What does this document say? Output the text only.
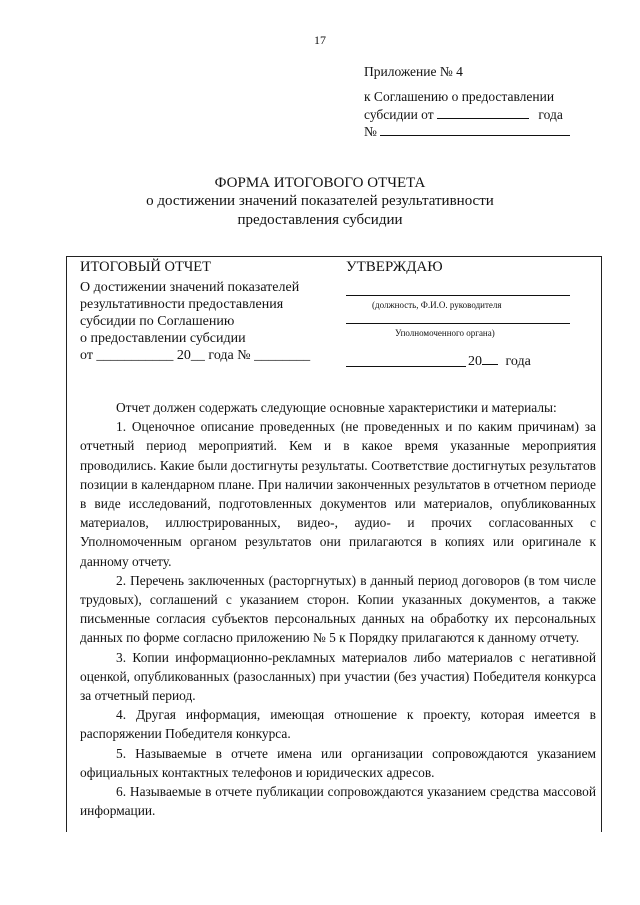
17
Приложение № 4
к Соглашению о предоставлении
субсидии от	года
№
ФОРМА ИТОГОВОГО ОТЧЕТА
о достижении значений показателей результативности
предоставления субсидии
ИТОГОВЫЙ ОТЧЕТ
О достижении значений показателей
результативности предоставления
субсидии по Соглашению
о предоставлении субсидии
от ___________ 20__ года № ________
УТВЕРЖДАЮ
(должность, Ф.И.О. руководителя
Уполномоченного органа)
20 года

Отчет должен содержать следующие основные характеристики и материалы:

1. Оценочное описание проведенных (не проведенных и по каким причинам) за отчетный период мероприятий. Кем и в какое время указанные мероприятия проводились. Какие были достигнуты результаты. Соответствие достигнутых результатов позиции в календарном плане. При наличии законченных результатов в отчетном периоде в виде исследований, подготовленных документов или материалов, опубликованных материалов, иллюстрированных, видео-, аудио- и прочих согласованных с Уполномоченным органом результатов они прилагаются в копиях или оригинале к данному отчету.

2. Перечень заключенных (расторгнутых) в данный период договоров (в том числе трудовых), соглашений с указанием сторон. Копии указанных документов, а также письменные согласия субъектов персональных данных на обработку их персональных данных по форме согласно приложению № 5 к Порядку прилагаются к данному отчету.

3. Копии информационно-рекламных материалов либо материалов с негативной оценкой, опубликованных (разосланных) при участии (без участия) Победителя конкурса за отчетный период.

4. Другая информация, имеющая отношение к проекту, которая имеется в распоряжении Победителя конкурса.

5. Называемые в отчете имена или организации сопровождаются указанием официальных контактных телефонов и юридических адресов.

6. Называемые в отчете публикации сопровождаются указанием средства массовой информации.
